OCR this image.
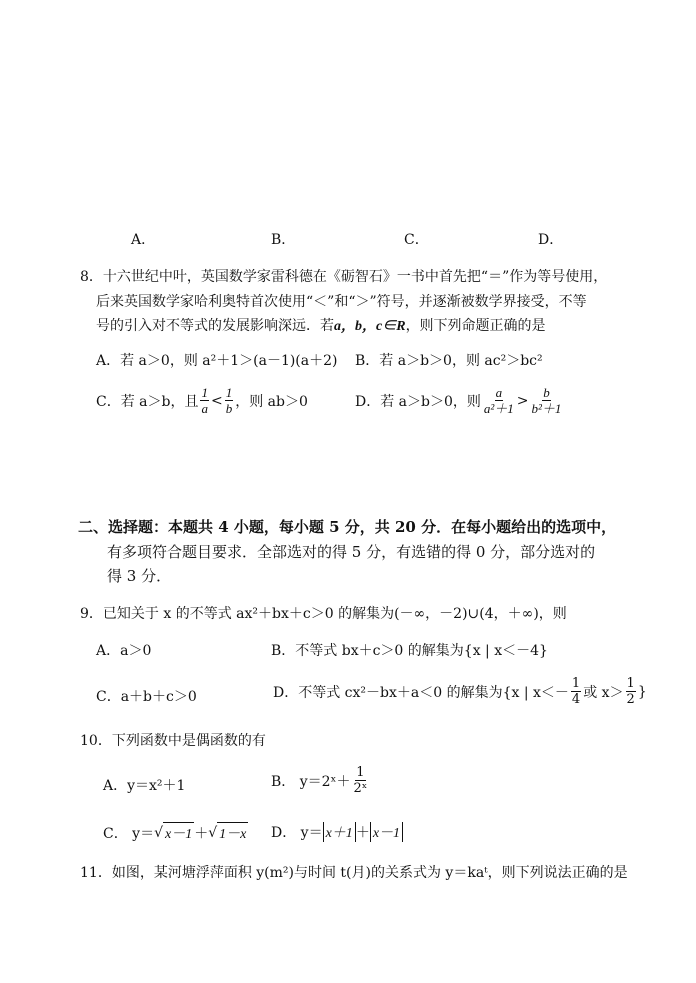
A．	B．	C．	D．
8．十六世纪中叶，英国数学家雷科德在《砺智石》一书中首先把“＝”作为等号使用，
后来英国数学家哈利奥特首次使用“＜”和“＞”符号，并逐渐被数学界接受，不等
号的引入对不等式的发展影响深远．若a，b，c∈R，则下列命题正确的是
A．若 a＞0，则 a²＋1＞(a－1)(a＋2) B．若 a＞b＞0，则 ac²＞bc²
C．若 a＞b，且 $\frac{1}{a} < \frac{1}{b}$ ，则 ab＞0	D．若 a＞b＞0，则 $\frac{a}{\text{a²＋1}} > \frac{b}{\text{b²＋1}}$
二、选择题：本题共 4 小题，每小题 5 分，共 20 分．在每小题给出的选项中，
有多项符合题目要求．全部选对的得 5 分，有选错的得 0 分，部分选对的
得 3 分．
9．已知关于 x 的不等式 ax²＋bx＋c＞0 的解集为(－∞，－2)∪(4，＋∞)，则
A．a＞0	B．不等式 bx＋c＞0 的解集为{x | x＜－4}
C．a＋b＋c＞0	D．不等式 cx²－bx＋a＜0 的解集为{x | $x<- \frac{1}{4}$ 或 $x> \frac{1}{2}$ }
10．下列函数中是偶函数的有
A．y＝x²＋1	B． y＝2ˣ＋ $\frac{1}{\text{2ˣ}}$
C． y＝ √ x－1 ＋ √ 1－x D． y＝ x＋1 ＋ x－1
11．如图，某河塘浮萍面积 y(m²)与时间 t(月)的关系式为 y＝kaᵗ，则下列说法正确的是
